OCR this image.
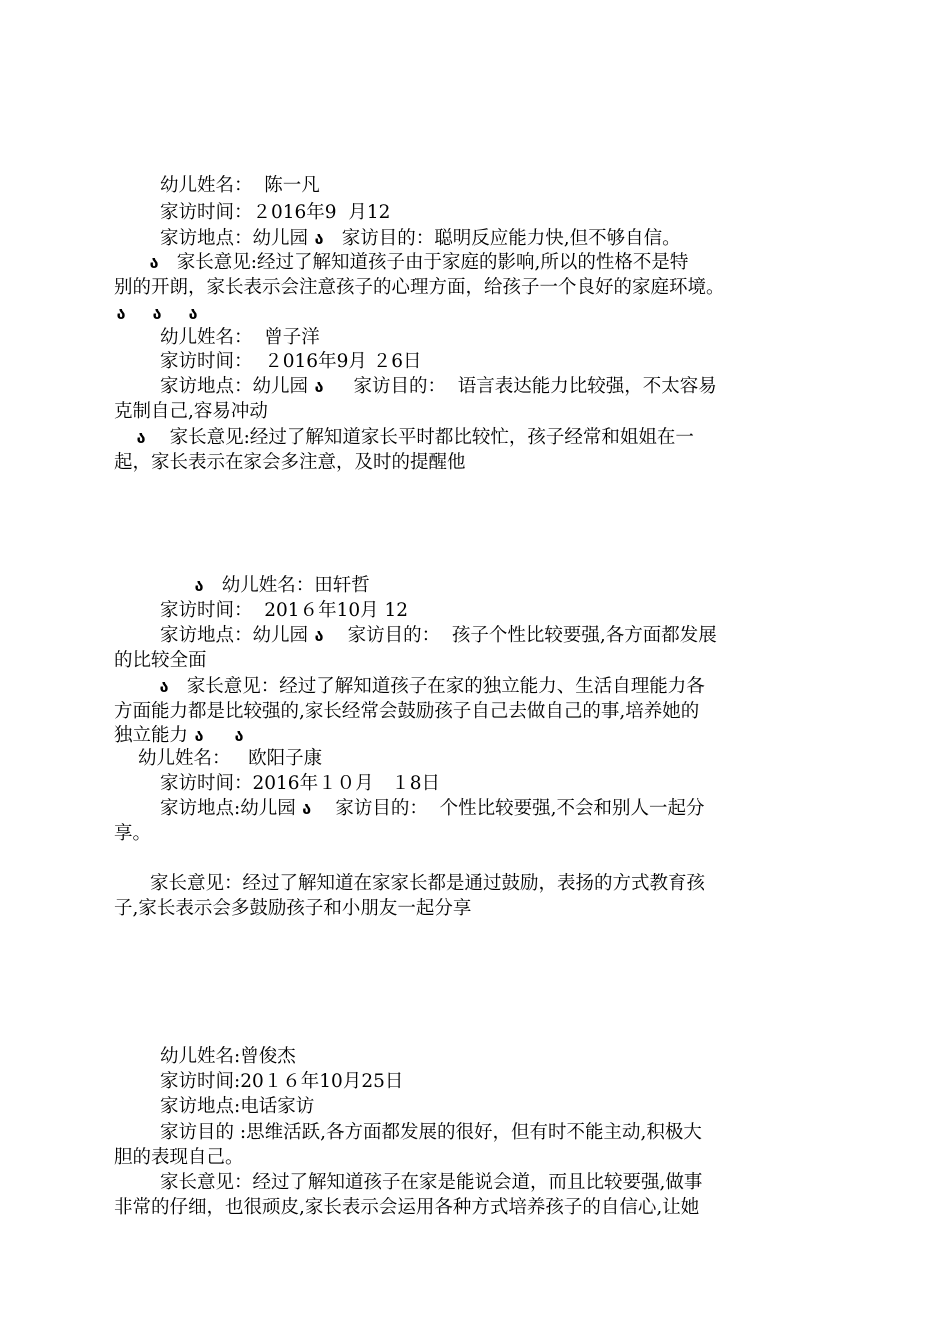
幼儿姓名：  陈一凡
家访时间：２016年9  月12
家访地点：幼儿园 ა  家访目的：聪明反应能力快,但不够自信。
ა  家长意见:经过了解知道孩子由于家庭的影响,所以的性格不是特
别的开朗，家长表示会注意孩子的心理方面，给孩子一个良好的家庭环境。
ა ა ა
幼儿姓名：  曾子洋
家访时间：  ２016年9月 ２6日
家访地点：幼儿园 ა    家访目的：  语言表达能力比较强，不太容易
克制自己,容易冲动
ა   家长意见:经过了解知道家长平时都比较忙，孩子经常和姐姐在一
起，家长表示在家会多注意，及时的提醒他
ა  幼儿姓名：田轩哲
家访时间：  201６年10月 12
家访地点：幼儿园 ა   家访目的：  孩子个性比较要强,各方面都发展
的比较全面
ა  家长意见：经过了解知道孩子在家的独立能力、生活自理能力各
方面能力都是比较强的,家长经常会鼓励孩子自己去做自己的事,培养她的
独立能力 ა ა
幼儿姓名：   欧阳子康
家访时间：2016年１０月   １8日
家访地点:幼儿园 ა   家访目的：  个性比较要强,不会和别人一起分
享。
家长意见：经过了解知道在家家长都是通过鼓励，表扬的方式教育孩
子,家长表示会多鼓励孩子和小朋友一起分享
幼儿姓名:曾俊杰
家访时间:20１６年10月25日
家访地点:电话家访
家访目的 :思维活跃,各方面都发展的很好，但有时不能主动,积极大
胆的表现自己。
家长意见：经过了解知道孩子在家是能说会道，而且比较要强,做事
非常的仔细，也很顽皮,家长表示会运用各种方式培养孩子的自信心,让她
